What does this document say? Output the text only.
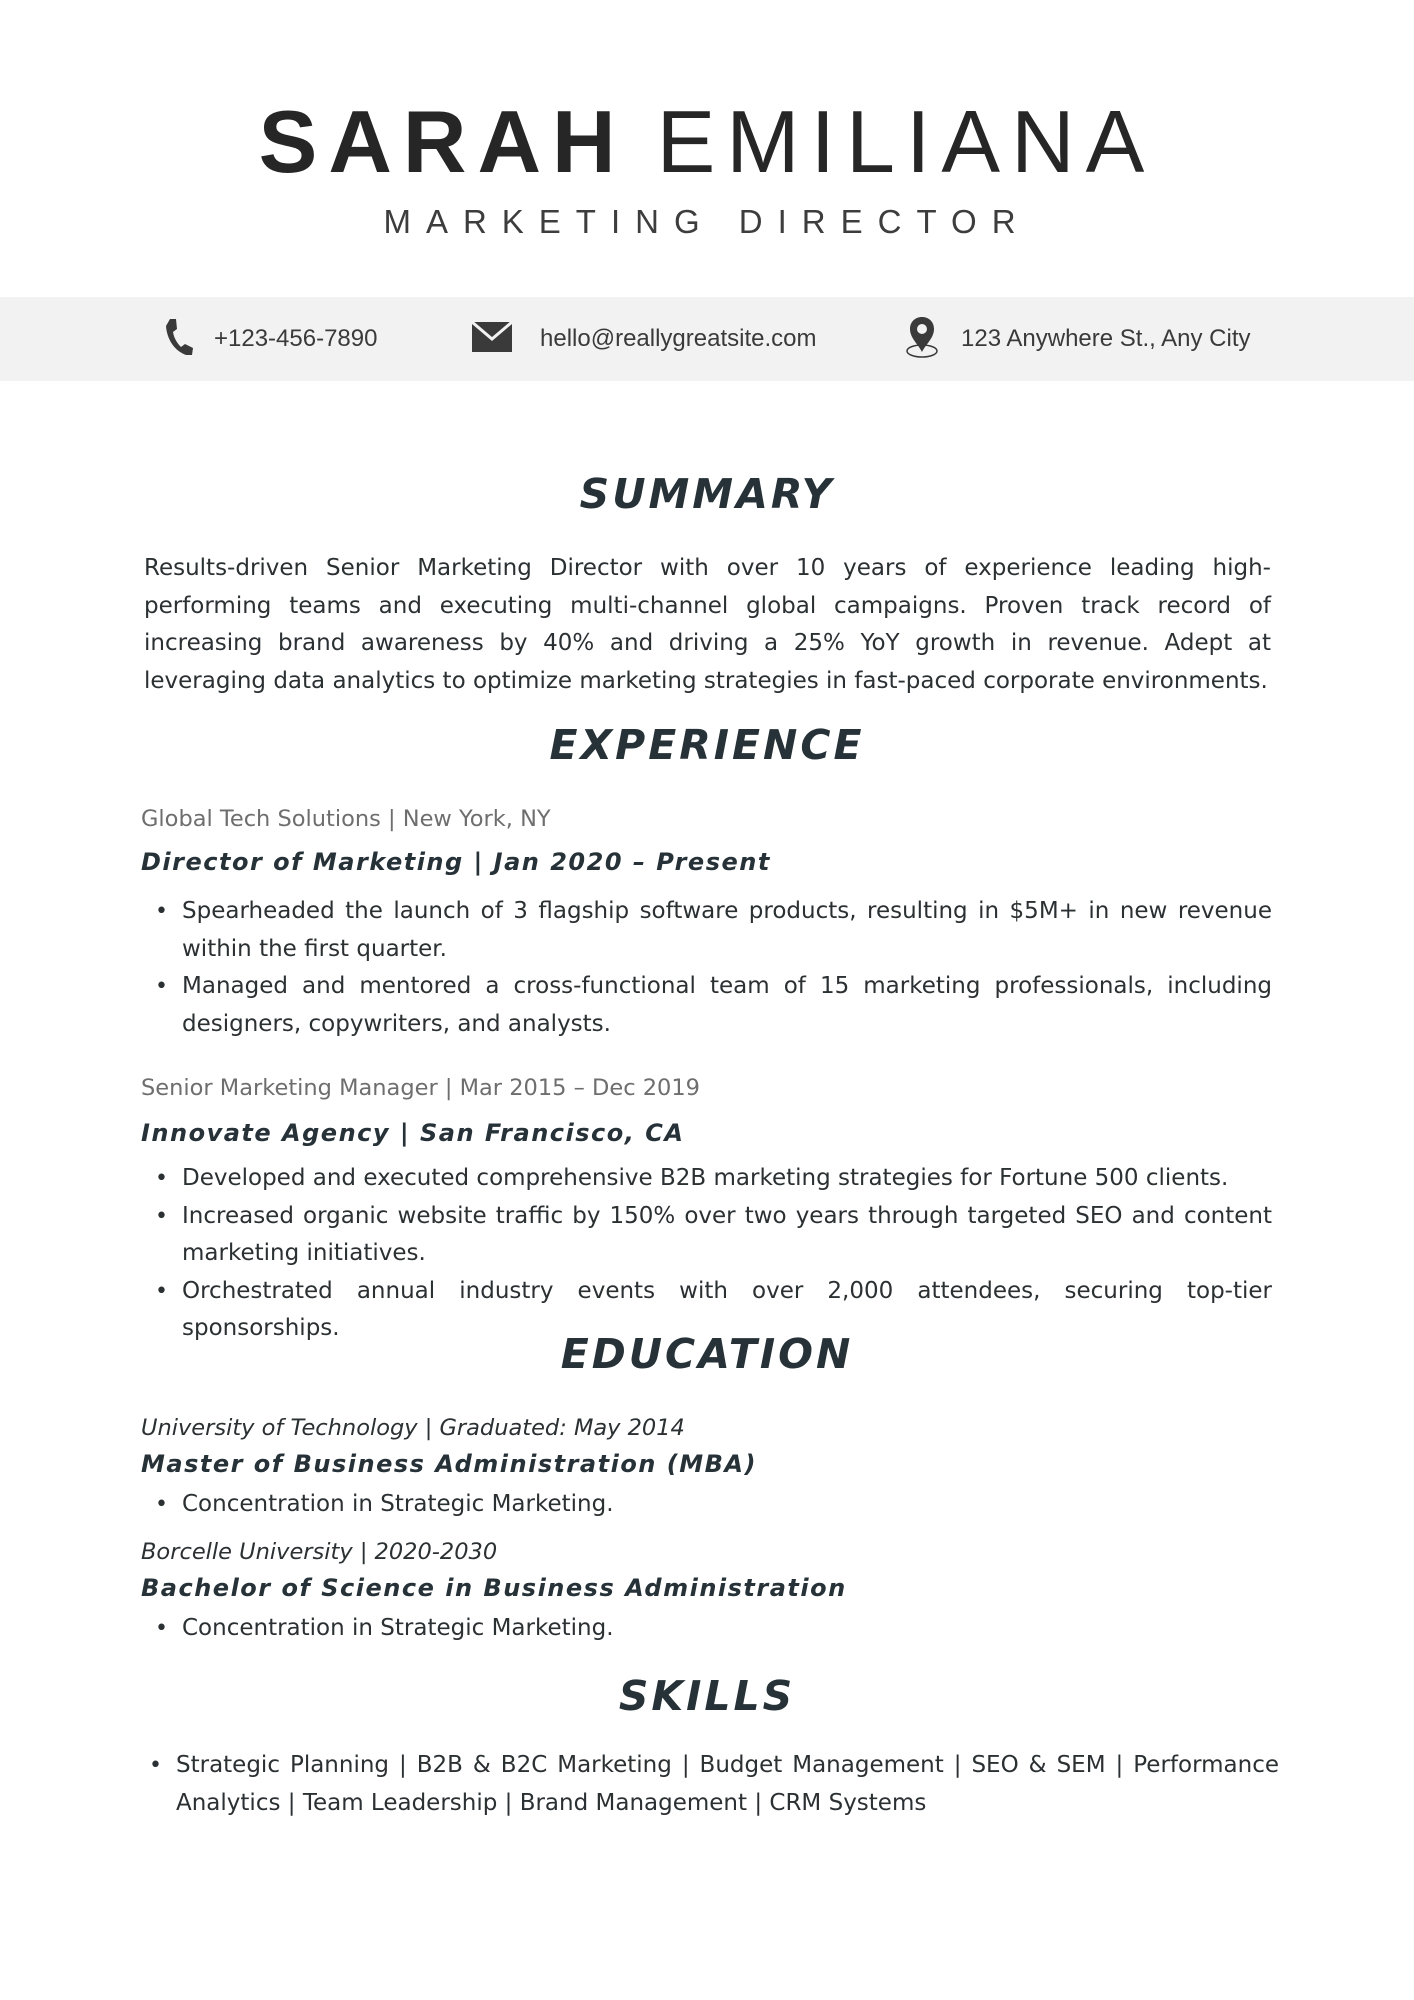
SARAH EMILIANA
MARKETING DIRECTOR
+123-456-7890	hello@reallygreatsite.com	123 Anywhere St., Any City
SUMMARY

Results-driven Senior Marketing Director with over 10 years of experience leading high-performing teams and executing multi-channel global campaigns. Proven track record of increasing brand awareness by 40% and driving a 25% YoY growth in revenue. Adept at leveraging data analytics to optimize marketing strategies in fast-paced corporate environments.

EXPERIENCE
Global Tech Solutions | New York, NY
Director of Marketing | Jan 2020 – Present
• Spearheaded the launch of 3 flagship software products, resulting in $5M+ in new revenue within the first quarter.
• Managed and mentored a cross-functional team of 15 marketing professionals, including designers, copywriters, and analysts.
Senior Marketing Manager | Mar 2015 – Dec 2019
Innovate Agency | San Francisco, CA
• Developed and executed comprehensive B2B marketing strategies for Fortune 500 clients.
• Increased organic website traffic by 150% over two years through targeted SEO and content marketing initiatives.
• Orchestrated annual industry events with over 2,000 attendees, securing top-tier sponsorships.
EDUCATION
University of Technology | Graduated: May 2014
Master of Business Administration (MBA)
• Concentration in Strategic Marketing.
Borcelle University | 2020-2030
Bachelor of Science in Business Administration
• Concentration in Strategic Marketing.
SKILLS
• Strategic Planning | B2B & B2C Marketing | Budget Management | SEO & SEM | Performance Analytics | Team Leadership | Brand Management | CRM Systems
